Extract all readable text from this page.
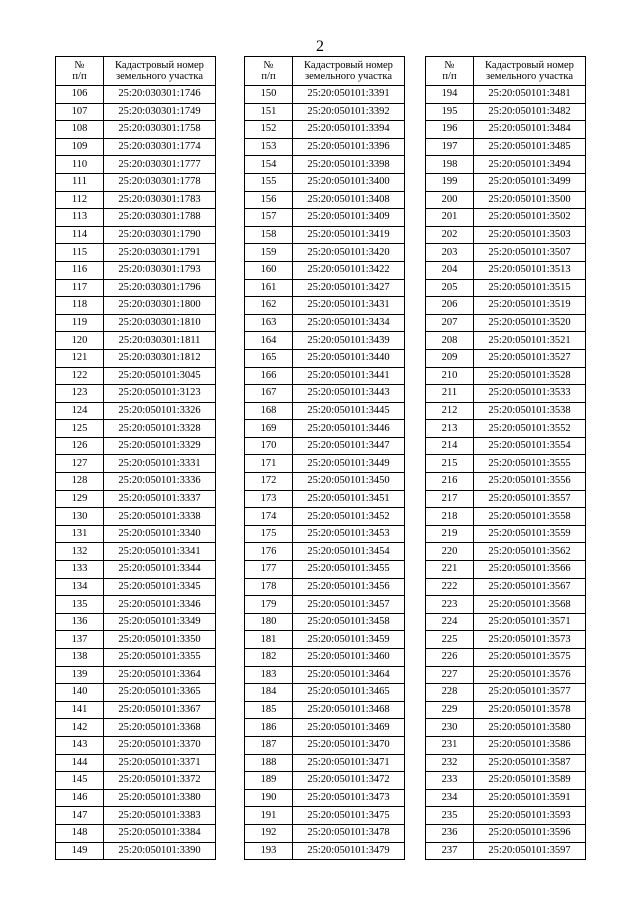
2
№
п/п	Кадастровый номер
земельного участка

106	25:20:030301:1746
107	25:20:030301:1749
108	25:20:030301:1758
109	25:20:030301:1774
110	25:20:030301:1777
111	25:20:030301:1778
112	25:20:030301:1783
113	25:20:030301:1788
114	25:20:030301:1790
115	25:20:030301:1791
116	25:20:030301:1793
117	25:20:030301:1796
118	25:20:030301:1800
119	25:20:030301:1810
120	25:20:030301:1811
121	25:20:030301:1812
122	25:20:050101:3045
123	25:20:050101:3123
124	25:20:050101:3326
125	25:20:050101:3328
126	25:20:050101:3329
127	25:20:050101:3331
128	25:20:050101:3336
129	25:20:050101:3337
130	25:20:050101:3338
131	25:20:050101:3340
132	25:20:050101:3341
133	25:20:050101:3344
134	25:20:050101:3345
135	25:20:050101:3346
136	25:20:050101:3349
137	25:20:050101:3350
138	25:20:050101:3355
139	25:20:050101:3364
140	25:20:050101:3365
141	25:20:050101:3367
142	25:20:050101:3368
143	25:20:050101:3370
144	25:20:050101:3371
145	25:20:050101:3372
146	25:20:050101:3380
147	25:20:050101:3383
148	25:20:050101:3384
149	25:20:050101:3390
№
п/п	Кадастровый номер
земельного участка

150	25:20:050101:3391
151	25:20:050101:3392
152	25:20:050101:3394
153	25:20:050101:3396
154	25:20:050101:3398
155	25:20:050101:3400
156	25:20:050101:3408
157	25:20:050101:3409
158	25:20:050101:3419
159	25:20:050101:3420
160	25:20:050101:3422
161	25:20:050101:3427
162	25:20:050101:3431
163	25:20:050101:3434
164	25:20:050101:3439
165	25:20:050101:3440
166	25:20:050101:3441
167	25:20:050101:3443
168	25:20:050101:3445
169	25:20:050101:3446
170	25:20:050101:3447
171	25:20:050101:3449
172	25:20:050101:3450
173	25:20:050101:3451
174	25:20:050101:3452
175	25:20:050101:3453
176	25:20:050101:3454
177	25:20:050101:3455
178	25:20:050101:3456
179	25:20:050101:3457
180	25:20:050101:3458
181	25:20:050101:3459
182	25:20:050101:3460
183	25:20:050101:3464
184	25:20:050101:3465
185	25:20:050101:3468
186	25:20:050101:3469
187	25:20:050101:3470
188	25:20:050101:3471
189	25:20:050101:3472
190	25:20:050101:3473
191	25:20:050101:3475
192	25:20:050101:3478
193	25:20:050101:3479
№
п/п	Кадастровый номер
земельного участка

194	25:20:050101:3481
195	25:20:050101:3482
196	25:20:050101:3484
197	25:20:050101:3485
198	25:20:050101:3494
199	25:20:050101:3499
200	25:20:050101:3500
201	25:20:050101:3502
202	25:20:050101:3503
203	25:20:050101:3507
204	25:20:050101:3513
205	25:20:050101:3515
206	25:20:050101:3519
207	25:20:050101:3520
208	25:20:050101:3521
209	25:20:050101:3527
210	25:20:050101:3528
211	25:20:050101:3533
212	25:20:050101:3538
213	25:20:050101:3552
214	25:20:050101:3554
215	25:20:050101:3555
216	25:20:050101:3556
217	25:20:050101:3557
218	25:20:050101:3558
219	25:20:050101:3559
220	25:20:050101:3562
221	25:20:050101:3566
222	25:20:050101:3567
223	25:20:050101:3568
224	25:20:050101:3571
225	25:20:050101:3573
226	25:20:050101:3575
227	25:20:050101:3576
228	25:20:050101:3577
229	25:20:050101:3578
230	25:20:050101:3580
231	25:20:050101:3586
232	25:20:050101:3587
233	25:20:050101:3589
234	25:20:050101:3591
235	25:20:050101:3593
236	25:20:050101:3596
237	25:20:050101:3597
